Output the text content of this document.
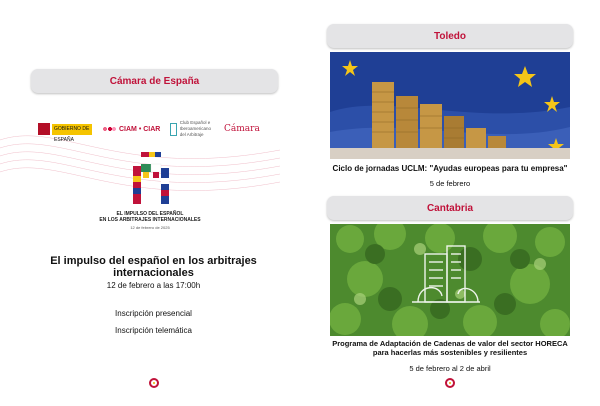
Cámara de España
GOBIERNO DE ESPAÑA
CIAM • CIAR
Club Español e Iberoamericano del Arbitraje
Cámara
EL IMPULSO DEL ESPAÑOL
EN LOS ARBITRAJES INTERNACIONALES
12 de febrero de 2025
El impulso del español en los arbitrajes internacionales
12 de febrero a las 17:00h
Inscripción presencial
Inscripción telemática
Toledo
Ciclo de jornadas UCLM: "Ayudas europeas para tu empresa"
5 de febrero
Cantabria
Programa de Adaptación de Cadenas de valor del sector HORECA para hacerlas más sostenibles y resilientes
5 de febrero al 2 de abril
